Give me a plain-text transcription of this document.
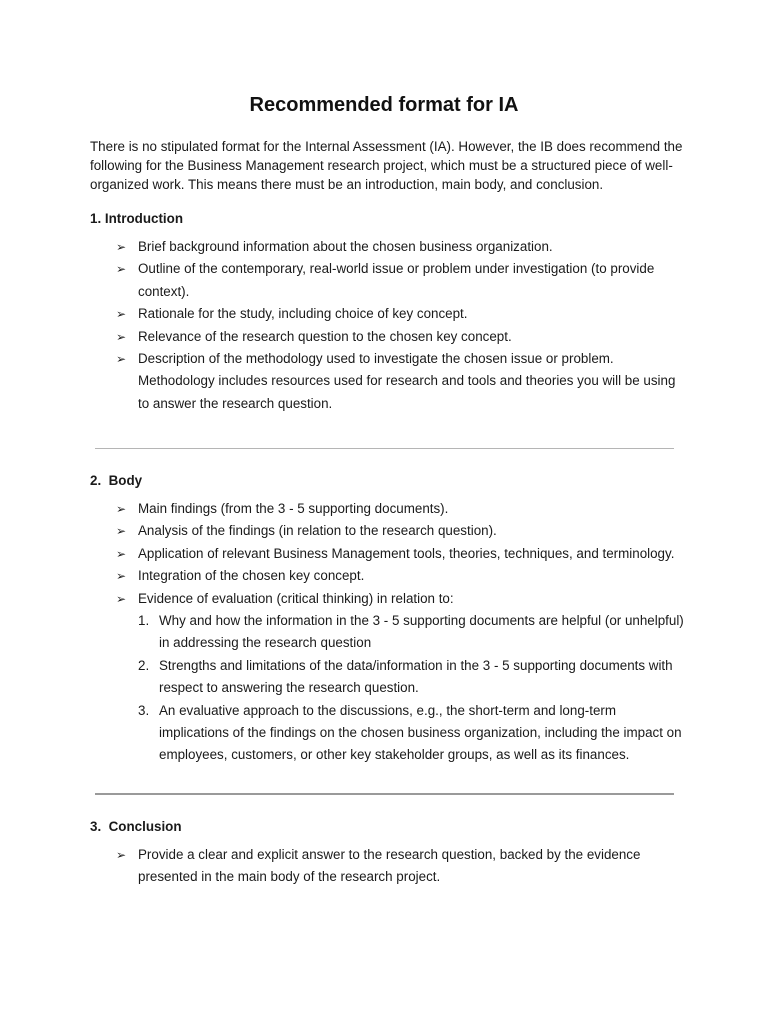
Recommended format for IA

There is no stipulated format for the Internal Assessment (IA). However, the IB does recommend the following for the Business Management research project, which must be a structured piece of well-organized work. This means there must be an introduction, main body, and conclusion.

1. Introduction

➢ Brief background information about the chosen business organization.
➢ Outline of the contemporary, real-world issue or problem under investigation (to provide context).
➢ Rationale for the study, including choice of key concept.
➢ Relevance of the research question to the chosen key concept.
➢ Description of the methodology used to investigate the chosen issue or problem. Methodology includes resources used for research and tools and theories you will be using to answer the research question.

2. Body

➢ Main findings (from the 3 - 5 supporting documents).
➢ Analysis of the findings (in relation to the research question).
➢ Application of relevant Business Management tools, theories, techniques, and terminology.
➢ Integration of the chosen key concept.
➢ Evidence of evaluation (critical thinking) in relation to:
1. Why and how the information in the 3 - 5 supporting documents are helpful (or unhelpful) in addressing the research question
2. Strengths and limitations of the data/information in the 3 - 5 supporting documents with respect to answering the research question.
3. An evaluative approach to the discussions, e.g., the short-term and long-term implications of the findings on the chosen business organization, including the impact on employees, customers, or other key stakeholder groups, as well as its finances.

3. Conclusion

➢ Provide a clear and explicit answer to the research question, backed by the evidence presented in the main body of the research project.
